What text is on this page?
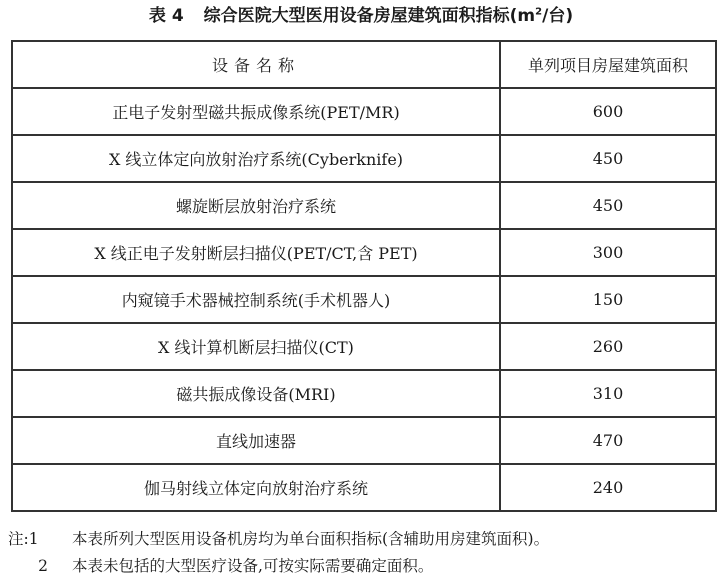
表 4 综合医院大型医用设备房屋建筑面积指标($m^2/$台)
设备名称	单列项目房屋建筑面积
正电子发射型磁共振成像系统(PET/MR)	600
X 线立体定向放射治疗系统(Cyberknife)	450
螺旋断层放射治疗系统	450
X 线正电子发射断层扫描仪(PET/CT,含 PET)	300
内窥镜手术器械控制系统(手术机器人)	150
X 线计算机断层扫描仪(CT)	260
磁共振成像设备(MRI)	310
直线加速器	470
伽马射线立体定向放射治疗系统	240
注:1	本表所列大型医用设备机房均为单台面积指标(含辅助用房建筑面积)。
2	本表未包括的大型医疗设备,可按实际需要确定面积。
